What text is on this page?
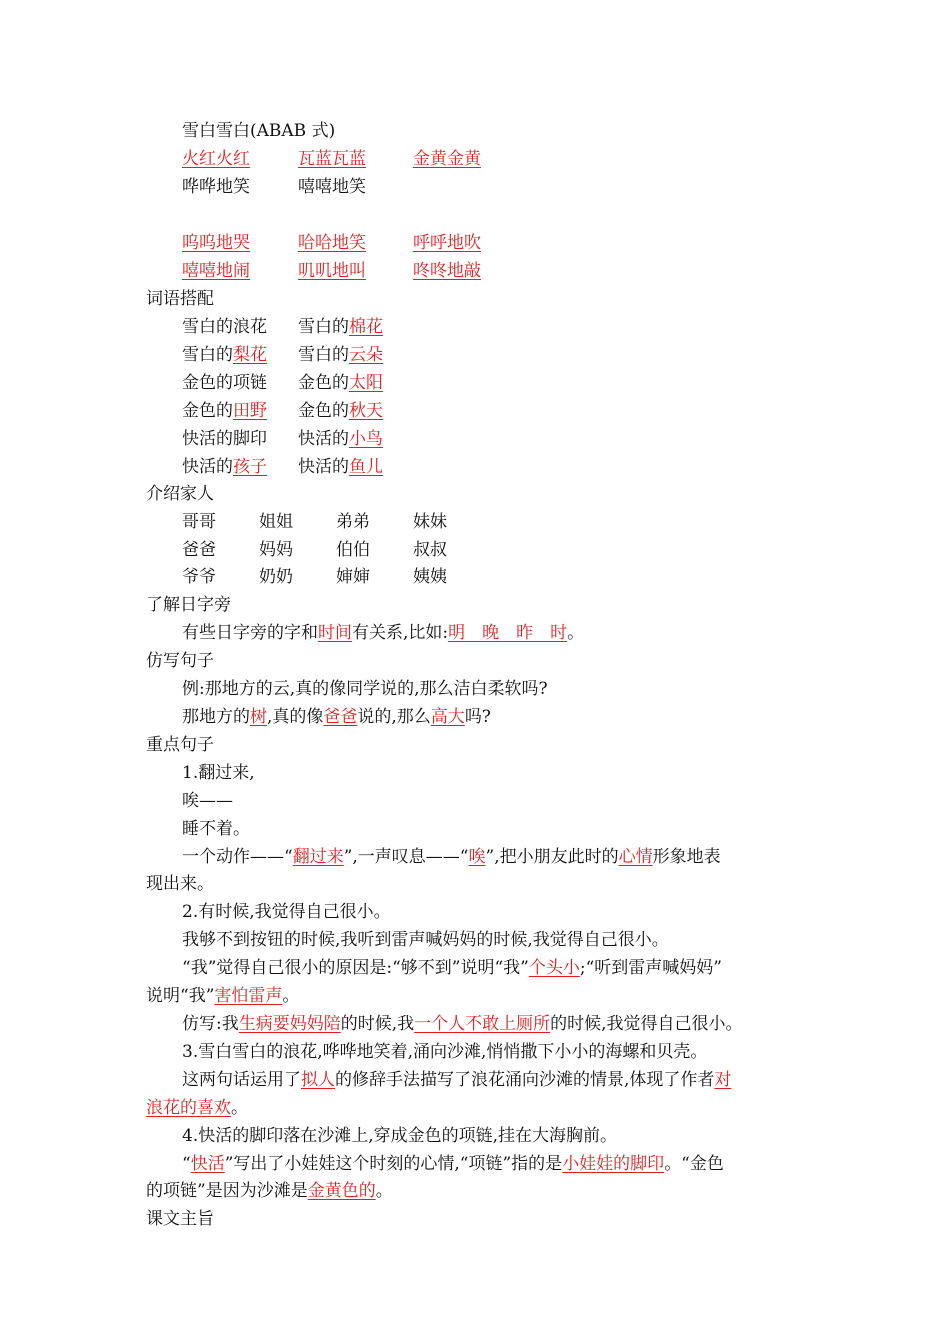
雪白雪白(ABAB 式)
火红火红	瓦蓝瓦蓝	金黄金黄
哗哗地笑	嘻嘻地笑
呜呜地哭	哈哈地笑	呼呼地吹
嘻嘻地闹	叽叽地叫	咚咚地敲
词语搭配
雪白的浪花 雪白的棉花
雪白的梨花 雪白的云朵
金色的项链 金色的太阳
金色的田野 金色的秋天
快活的脚印 快活的小鸟
快活的孩子 快活的鱼儿
介绍家人
哥哥	姐姐	弟弟	妹妹
爸爸	妈妈	伯伯	叔叔
爷爷	奶奶	婶婶	姨姨
了解日字旁
有些日字旁的字和时间有关系,比如:明　晚　昨　时。
仿写句子
例:那地方的云,真的像同学说的,那么洁白柔软吗?
那地方的树,真的像爸爸说的,那么高大吗?
重点句子
1.翻过来,
唉——
睡不着。
一个动作——“翻过来”,一声叹息——“唉”,把小朋友此时的心情形象地表
现出来。
2.有时候,我觉得自己很小。
我够不到按钮的时候,我听到雷声喊妈妈的时候,我觉得自己很小。
“我”觉得自己很小的原因是:“够不到”说明“我”个头小;“听到雷声喊妈妈”
说明“我”害怕雷声。
仿写:我生病要妈妈陪的时候,我一个人不敢上厕所的时候,我觉得自己很小。
3.雪白雪白的浪花,哗哗地笑着,涌向沙滩,悄悄撒下小小的海螺和贝壳。
这两句话运用了拟人的修辞手法描写了浪花涌向沙滩的情景,体现了作者对
浪花的喜欢。
4.快活的脚印落在沙滩上,穿成金色的项链,挂在大海胸前。
“快活”写出了小娃娃这个时刻的心情,“项链”指的是小娃娃的脚印。“金色
的项链”是因为沙滩是金黄色的。
课文主旨
